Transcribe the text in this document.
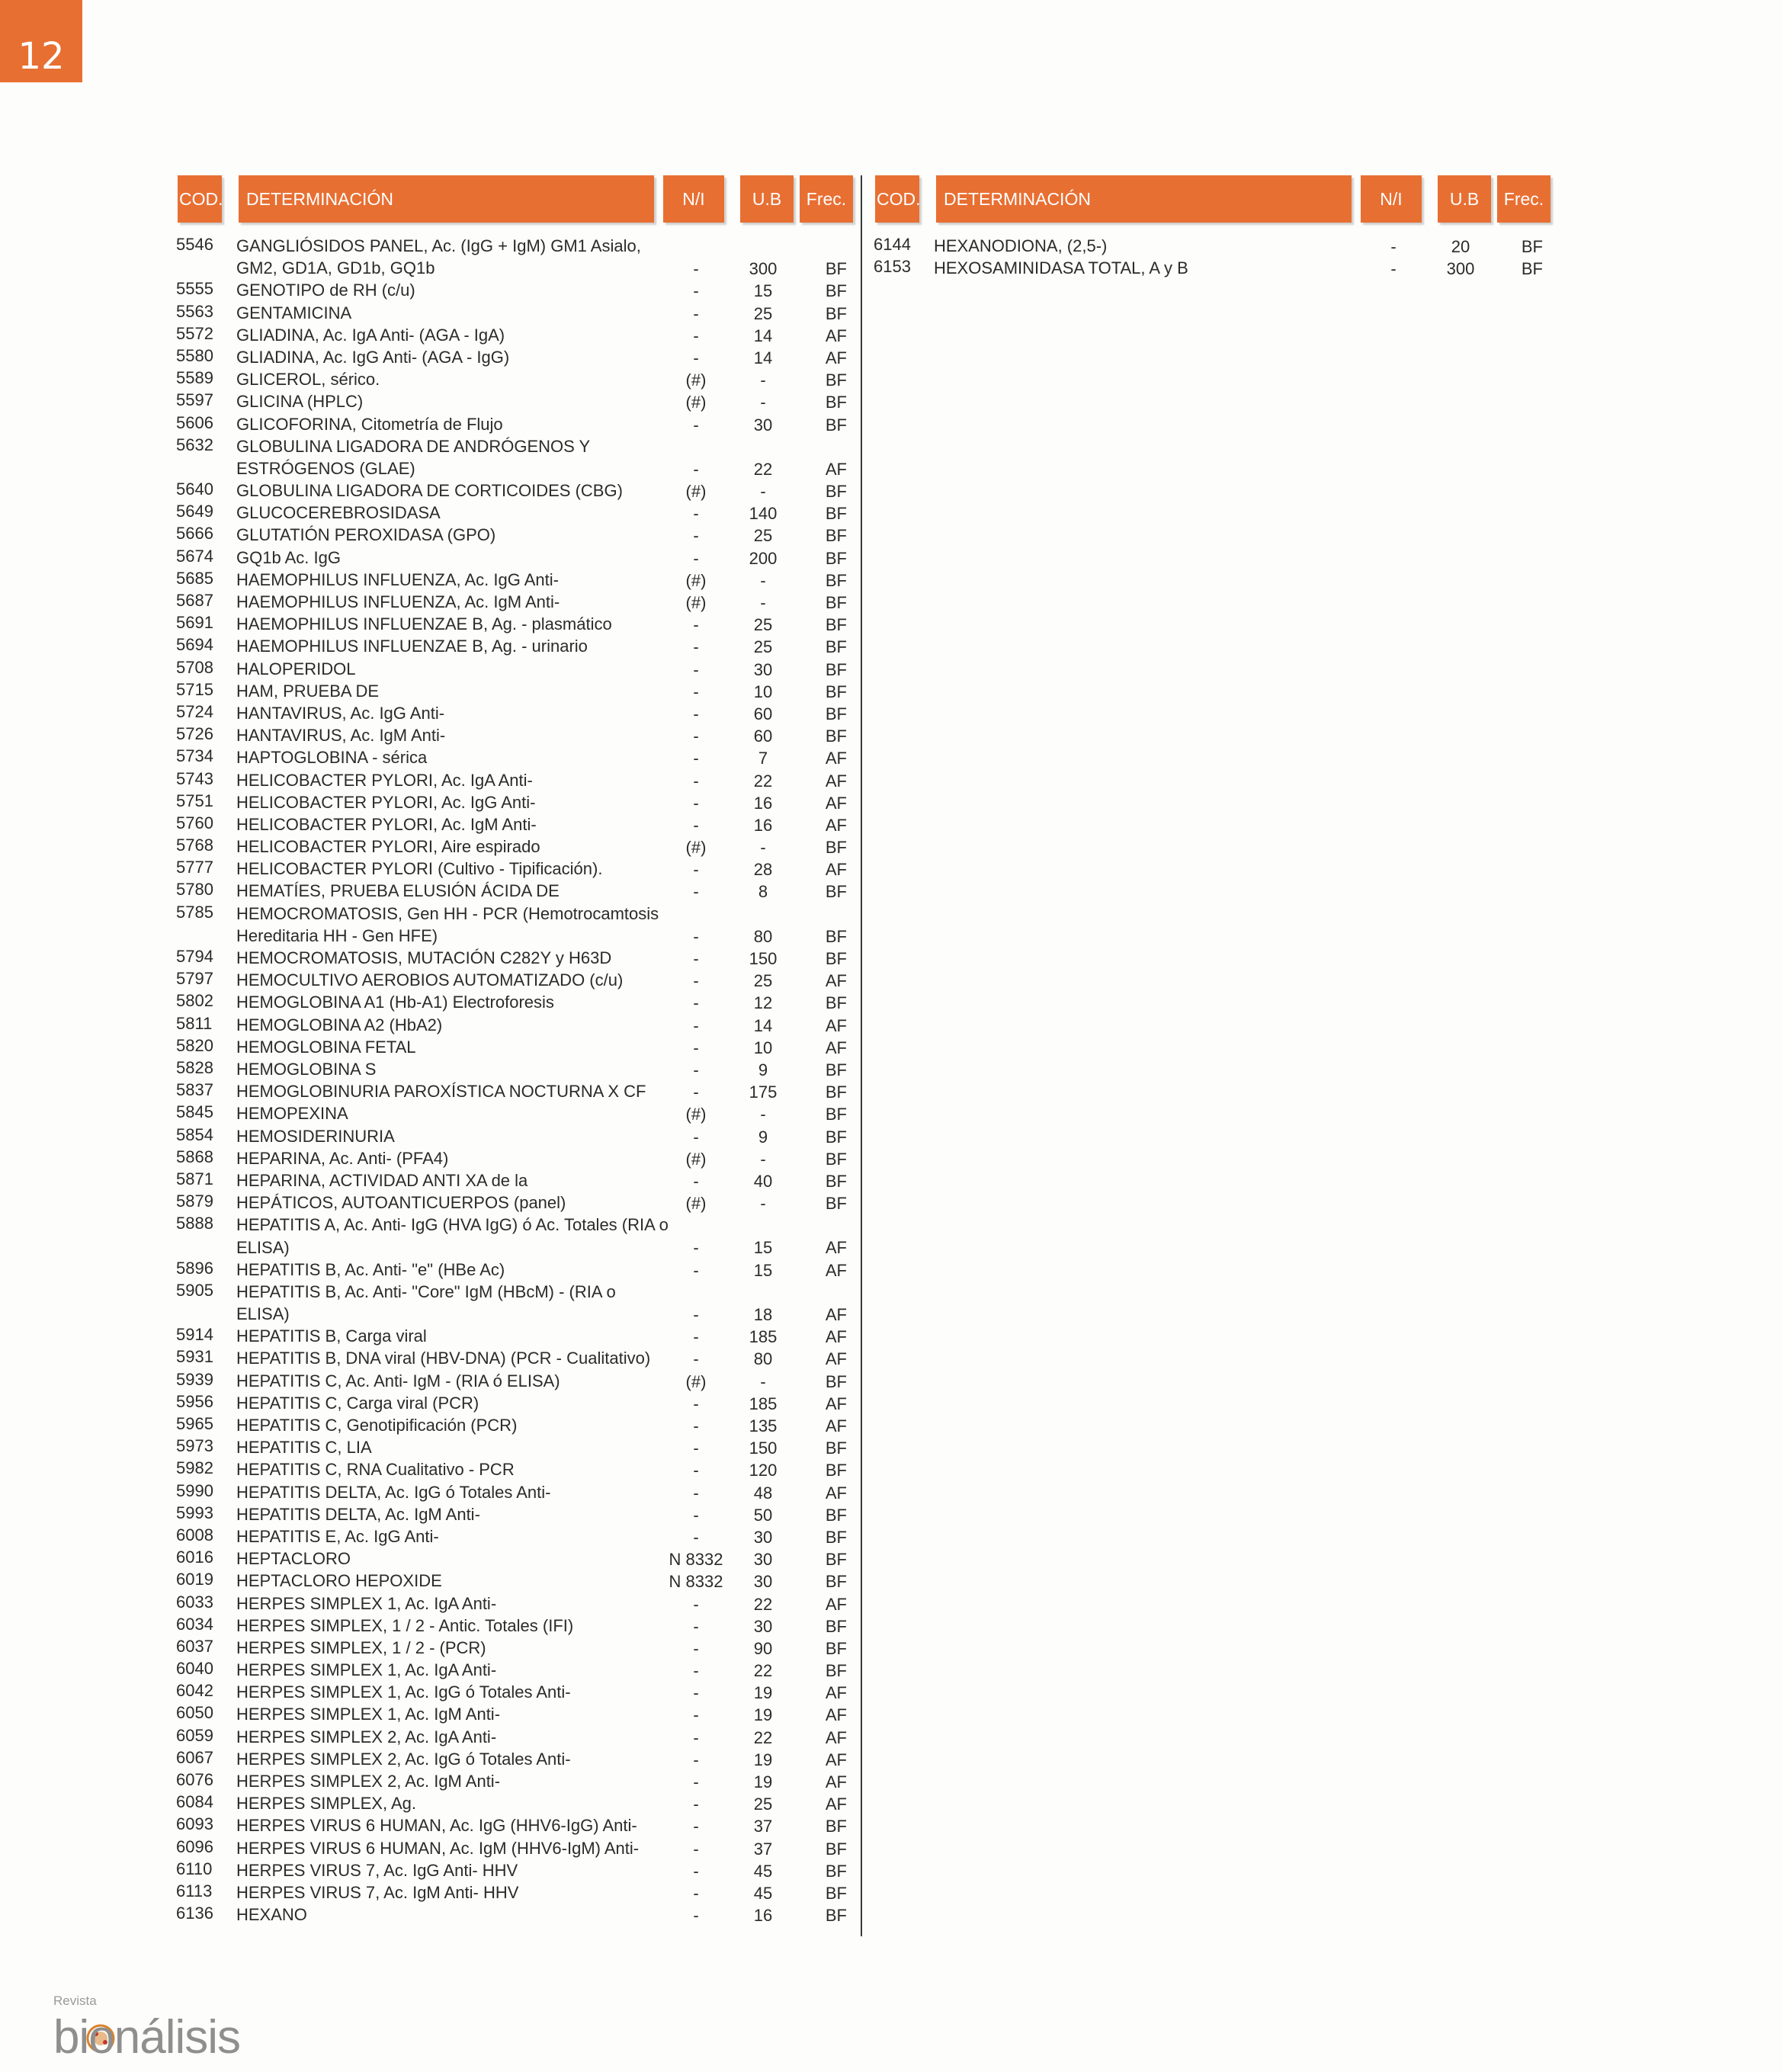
12
COD.	DETERMINACIÓN	N/I	U.B	Frec.	COD.	DETERMINACIÓN	N/I	U.B	Frec.
5546 GANGLIÓSIDOS PANEL, Ac. (IgG + IgM) GM1 Asialo,
GM2, GD1A, GD1b, GQ1b	-	300	BF
5555 GENOTIPO de RH (c/u)	-	15	BF
5563 GENTAMICINA	-	25	BF
5572 GLIADINA, Ac. IgA Anti- (AGA - IgA)	-	14	AF
5580 GLIADINA, Ac. IgG Anti- (AGA - IgG)	-	14	AF
5589 GLICEROL, sérico.	(#)	-	BF
5597 GLICINA (HPLC)	(#)	-	BF
5606 GLICOFORINA, Citometría de Flujo	-	30	BF
5632 GLOBULINA LIGADORA DE ANDRÓGENOS Y
ESTRÓGENOS (GLAE)	-	22	AF
5640 GLOBULINA LIGADORA DE CORTICOIDES (CBG)	(#)	-	BF
5649 GLUCOCEREBROSIDASA	-	140	BF
5666 GLUTATIÓN PEROXIDASA (GPO)	-	25	BF
5674 GQ1b Ac. IgG	-	200	BF
5685 HAEMOPHILUS INFLUENZA, Ac. IgG Anti-	(#)	-	BF
5687 HAEMOPHILUS INFLUENZA, Ac. IgM Anti-	(#)	-	BF
5691 HAEMOPHILUS INFLUENZAE B, Ag. - plasmático	-	25	BF
5694 HAEMOPHILUS INFLUENZAE B, Ag. - urinario	-	25	BF
5708 HALOPERIDOL	-	30	BF
5715 HAM, PRUEBA DE	-	10	BF
5724 HANTAVIRUS, Ac. IgG Anti-	-	60	BF
5726 HANTAVIRUS, Ac. IgM Anti-	-	60	BF
5734 HAPTOGLOBINA - sérica	-	7	AF
5743 HELICOBACTER PYLORI, Ac. IgA Anti-	-	22	AF
5751 HELICOBACTER PYLORI, Ac. IgG Anti-	-	16	AF
5760 HELICOBACTER PYLORI, Ac. IgM Anti-	-	16	AF
5768 HELICOBACTER PYLORI, Aire espirado	(#)	-	BF
5777 HELICOBACTER PYLORI (Cultivo - Tipificación).	-	28	AF
5780 HEMATÍES, PRUEBA ELUSIÓN ÁCIDA DE	-	8	BF
5785 HEMOCROMATOSIS, Gen HH - PCR (Hemotrocamtosis
Hereditaria HH - Gen HFE)	-	80	BF
5794 HEMOCROMATOSIS, MUTACIÓN C282Y y H63D	-	150	BF
5797 HEMOCULTIVO AEROBIOS AUTOMATIZADO (c/u)	-	25	AF
5802 HEMOGLOBINA A1 (Hb-A1) Electroforesis	-	12	BF
5811 HEMOGLOBINA A2 (HbA2)	-	14	AF
5820 HEMOGLOBINA FETAL	-	10	AF
5828 HEMOGLOBINA S	-	9	BF
5837 HEMOGLOBINURIA PAROXÍSTICA NOCTURNA X CF	-	175	BF
5845 HEMOPEXINA	(#)	-	BF
5854 HEMOSIDERINURIA	-	9	BF
5868 HEPARINA, Ac. Anti- (PFA4)	(#)	-	BF
5871 HEPARINA, ACTIVIDAD ANTI XA de la	-	40	BF
5879 HEPÁTICOS, AUTOANTICUERPOS (panel)	(#)	-	BF
5888 HEPATITIS A, Ac. Anti- IgG (HVA IgG) ó Ac. Totales (RIA o
ELISA)	-	15	AF
5896 HEPATITIS B, Ac. Anti- "e" (HBe Ac)	-	15	AF
5905 HEPATITIS B, Ac. Anti- "Core" IgM (HBcM) - (RIA o
ELISA)	-	18	AF
5914 HEPATITIS B, Carga viral	-	185	AF
5931 HEPATITIS B, DNA viral (HBV-DNA) (PCR - Cualitativo)	-	80	AF
5939 HEPATITIS C, Ac. Anti- IgM - (RIA ó ELISA)	(#)	-	BF
5956 HEPATITIS C, Carga viral (PCR)	-	185	AF
5965 HEPATITIS C, Genotipificación (PCR)	-	135	AF
5973 HEPATITIS C, LIA	-	150	BF
5982 HEPATITIS C, RNA Cualitativo - PCR	-	120	BF
5990 HEPATITIS DELTA, Ac. IgG ó Totales Anti-	-	48	AF
5993 HEPATITIS DELTA, Ac. IgM Anti-	-	50	BF
6008 HEPATITIS E, Ac. IgG Anti-	-	30	BF
6016 HEPTACLORO	N 8332	30	BF
6019 HEPTACLORO HEPOXIDE	N 8332	30	BF
6033 HERPES SIMPLEX 1, Ac. IgA Anti-	-	22	AF
6034 HERPES SIMPLEX, 1 / 2 - Antic. Totales (IFI)	-	30	BF
6037 HERPES SIMPLEX, 1 / 2 - (PCR)	-	90	BF
6040 HERPES SIMPLEX 1, Ac. IgA Anti-	-	22	BF
6042 HERPES SIMPLEX 1, Ac. IgG ó Totales Anti-	-	19	AF
6050 HERPES SIMPLEX 1, Ac. IgM Anti-	-	19	AF
6059 HERPES SIMPLEX 2, Ac. IgA Anti-	-	22	AF
6067 HERPES SIMPLEX 2, Ac. IgG ó Totales Anti-	-	19	AF
6076 HERPES SIMPLEX 2, Ac. IgM Anti-	-	19	AF
6084 HERPES SIMPLEX, Ag.	-	25	AF
6093 HERPES VIRUS 6 HUMAN, Ac. IgG (HHV6-IgG) Anti-	-	37	BF
6096 HERPES VIRUS 6 HUMAN, Ac. IgM (HHV6-IgM) Anti-	-	37	BF
6110 HERPES VIRUS 7, Ac. IgG Anti- HHV	-	45	BF
6113 HERPES VIRUS 7, Ac. IgM Anti- HHV	-	45	BF
6136 HEXANO	-	16	BF
6144 HEXANODIONA, (2,5-)	-	20	BF
6153 HEXOSAMINIDASA TOTAL, A y B	-	300	BF
Revista
bionálisis
